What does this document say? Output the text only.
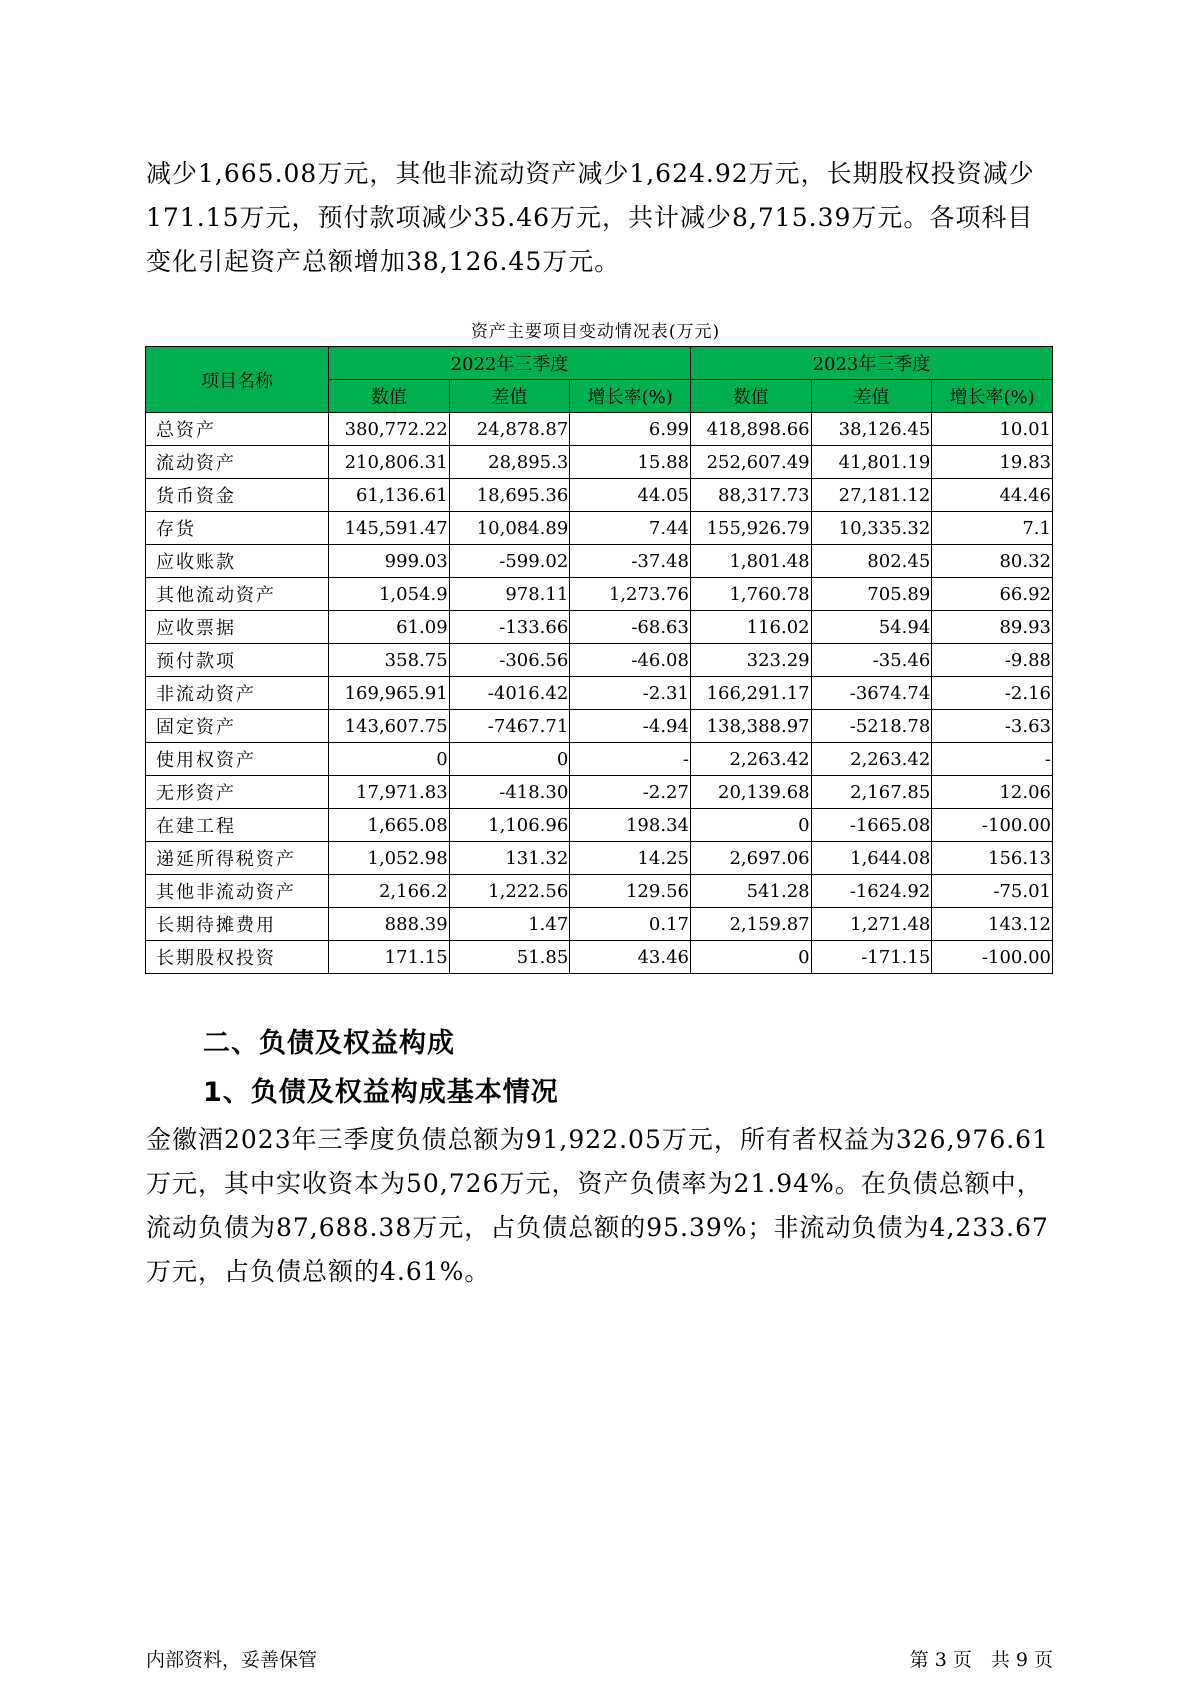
减少1,665.08万元，其他非流动资产减少1,624.92万元，长期股权投资减少171.15万元，预付款项减少35.46万元，共计减少8,715.39万元。各项科目变化引起资产总额增加38,126.45万元。
资产主要项目变动情况表(万元)
项目名称	2022年三季度			2023年三季度		
	数值	差值	增长率(%)	数值	差值	增长率(%)
总资产	380,772.22	24,878.87	6.99	418,898.66	38,126.45	10.01
流动资产	210,806.31	28,895.3	15.88	252,607.49	41,801.19	19.83
货币资金	61,136.61	18,695.36	44.05	88,317.73	27,181.12	44.46
存货	145,591.47	10,084.89	7.44	155,926.79	10,335.32	7.1
应收账款	999.03	-599.02	-37.48	1,801.48	802.45	80.32
其他流动资产	1,054.9	978.11	1,273.76	1,760.78	705.89	66.92
应收票据	61.09	-133.66	-68.63	116.02	54.94	89.93
预付款项	358.75	-306.56	-46.08	323.29	-35.46	-9.88
非流动资产	169,965.91	-4016.42	-2.31	166,291.17	-3674.74	-2.16
固定资产	143,607.75	-7467.71	-4.94	138,388.97	-5218.78	-3.63
使用权资产	0	0	-	2,263.42	2,263.42	-
无形资产	17,971.83	-418.30	-2.27	20,139.68	2,167.85	12.06
在建工程	1,665.08	1,106.96	198.34	0	-1665.08	-100.00
递延所得税资产	1,052.98	131.32	14.25	2,697.06	1,644.08	156.13
其他非流动资产	2,166.2	1,222.56	129.56	541.28	-1624.92	-75.01
长期待摊费用	888.39	1.47	0.17	2,159.87	1,271.48	143.12
长期股权投资	171.15	51.85	43.46	0	-171.15	-100.00
二、负债及权益构成
1、负债及权益构成基本情况
金徽酒2023年三季度负债总额为91,922.05万元，所有者权益为326,976.61万元，其中实收资本为50,726万元，资产负债率为21.94%。在负债总额中，流动负债为87,688.38万元，占负债总额的95.39%；非流动负债为4,233.67万元，占负债总额的4.61%。
内部资料，妥善保管	第 3 页　共 9 页
